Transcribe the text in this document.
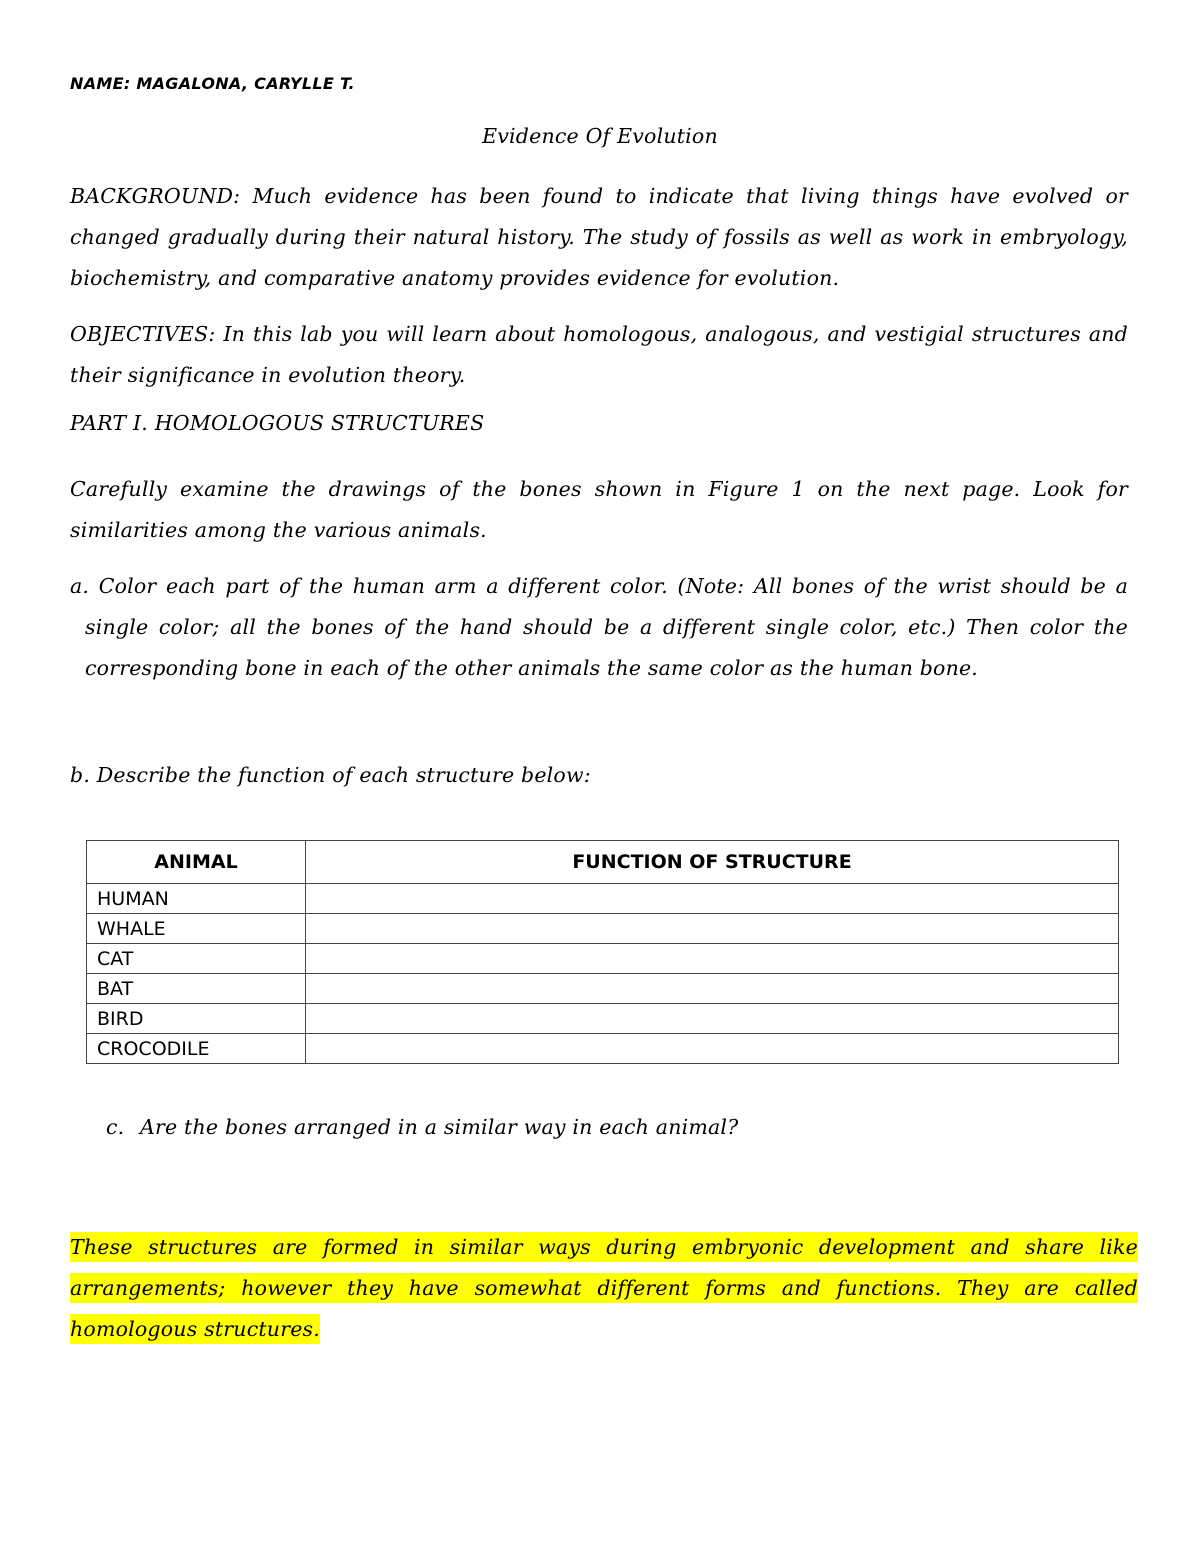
NAME: MAGALONA, CARYLLE T.
Evidence Of Evolution

BACKGROUND: Much evidence has been found to indicate that living things have evolved or changed gradually during their natural history. The study of fossils as well as work in embryology, biochemistry, and comparative anatomy provides evidence for evolution.

OBJECTIVES: In this lab you will learn about homologous, analogous, and vestigial structures and their significance in evolution theory.

PART I. HOMOLOGOUS STRUCTURES

Carefully examine the drawings of the bones shown in Figure 1 on the next page. Look for similarities among the various animals.

a. Color each part of the human arm a different color. (Note: All bones of the wrist should be a single color; all the bones of the hand should be a different single color, etc.) Then color the corresponding bone in each of the other animals the same color as the human bone.

b. Describe the function of each structure below:

ANIMAL	FUNCTION OF STRUCTURE
HUMAN	
WHALE	
CAT	
BAT	
BIRD	
CROCODILE	

c. Are the bones arranged in a similar way in each animal?

These structures are formed in similar ways during embryonic development and share like arrangements; however they have somewhat different forms and functions. They are called homologous structures.
